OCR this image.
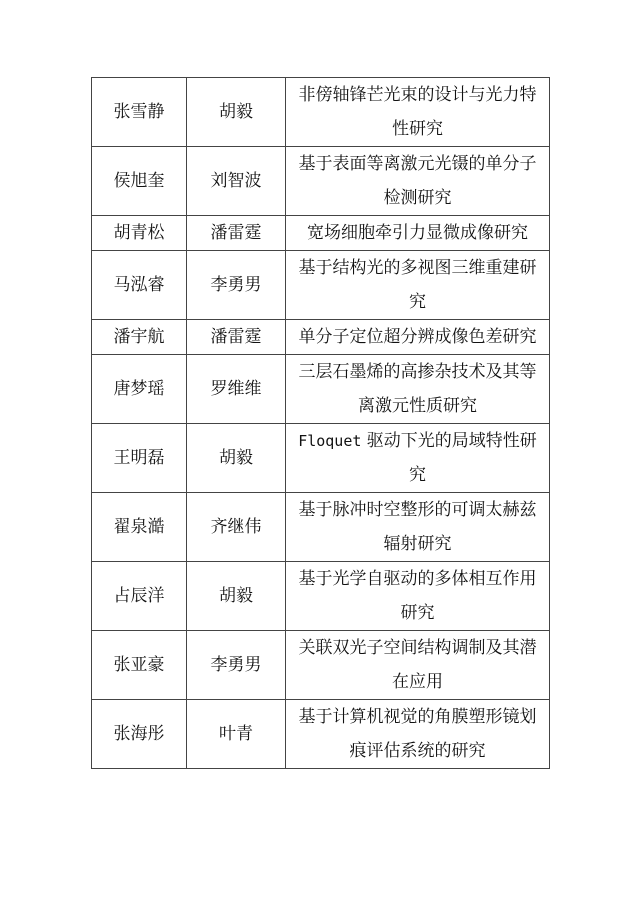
张雪静	胡毅	非傍轴锋芒光束的设计与光力特性研究
侯旭奎	刘智波	基于表面等离激元光镊的单分子检测研究
胡青松	潘雷霆	宽场细胞牵引力显微成像研究
马泓睿	李勇男	基于结构光的多视图三维重建研究
潘宇航	潘雷霆	单分子定位超分辨成像色差研究
唐梦瑶	罗维维	三层石墨烯的高掺杂技术及其等离激元性质研究
王明磊	胡毅	Floquet 驱动下光的局域特性研究
翟泉澔	齐继伟	基于脉冲时空整形的可调太赫兹辐射研究
占辰洋	胡毅	基于光学自驱动的多体相互作用研究
张亚豪	李勇男	关联双光子空间结构调制及其潜在应用
张海彤	叶青	基于计算机视觉的角膜塑形镜划痕评估系统的研究
